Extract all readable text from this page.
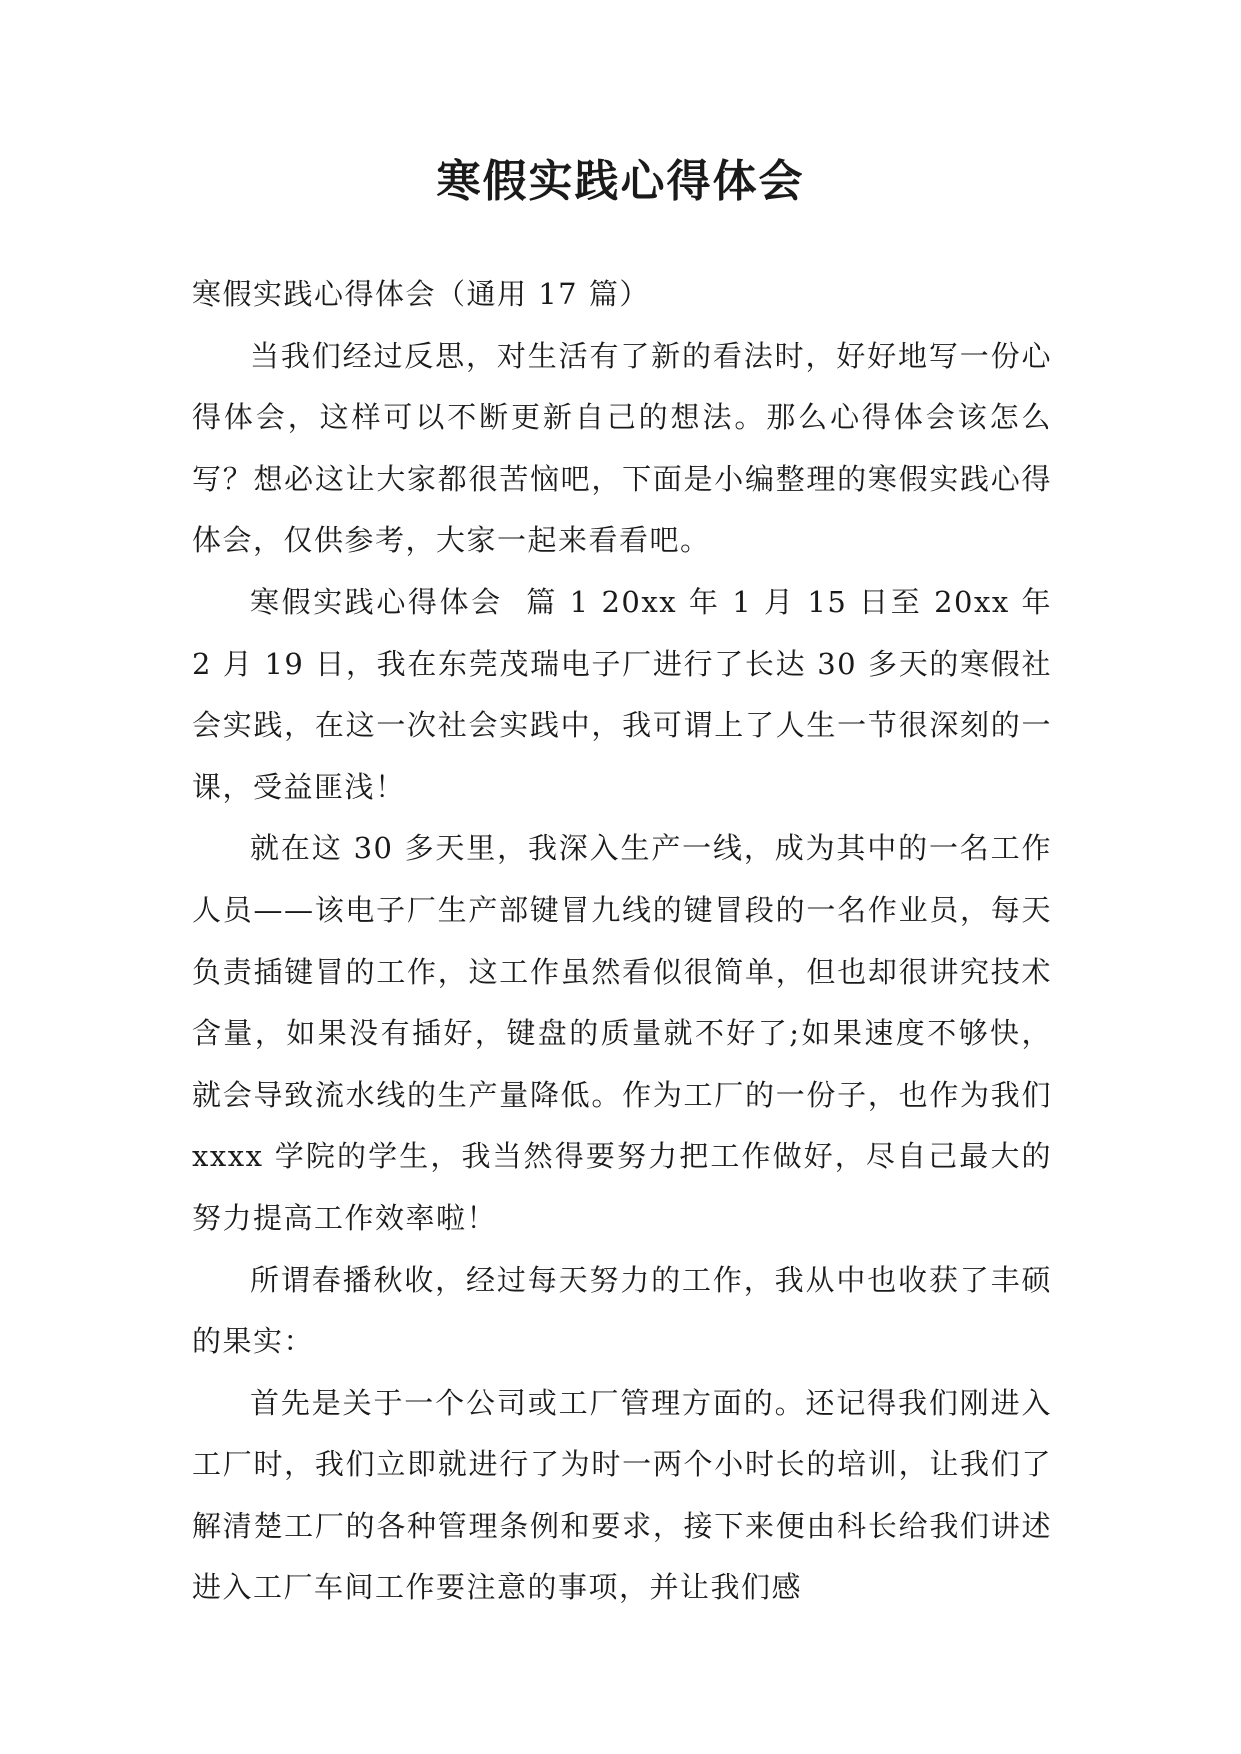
寒假实践心得体会

寒假实践心得体会（通用 17 篇）

当我们经过反思，对生活有了新的看法时，好好地写一份心得体会，这样可以不断更新自己的想法。那么心得体会该怎么写？想必这让大家都很苦恼吧，下面是小编整理的寒假实践心得体会，仅供参考，大家一起来看看吧。

寒假实践心得体会  篇 1 20xx 年 1 月 15 日至 20xx 年 2 月 19 日，我在东莞茂瑞电子厂进行了长达 30 多天的寒假社会实践，在这一次社会实践中，我可谓上了人生一节很深刻的一课，受益匪浅！

就在这 30 多天里，我深入生产一线，成为其中的一名工作人员——该电子厂生产部键冒九线的键冒段的一名作业员，每天负责插键冒的工作，这工作虽然看似很简单，但也却很讲究技术含量，如果没有插好，键盘的质量就不好了;如果速度不够快，就会导致流水线的生产量降低。作为工厂的一份子，也作为我们 xxxx 学院的学生，我当然得要努力把工作做好，尽自己最大的努力提高工作效率啦！

所谓春播秋收，经过每天努力的工作，我从中也收获了丰硕的果实：

首先是关于一个公司或工厂管理方面的。还记得我们刚进入工厂时，我们立即就进行了为时一两个小时长的培训，让我们了解清楚工厂的各种管理条例和要求，接下来便由科长给我们讲述进入工厂车间工作要注意的事项，并让我们感
